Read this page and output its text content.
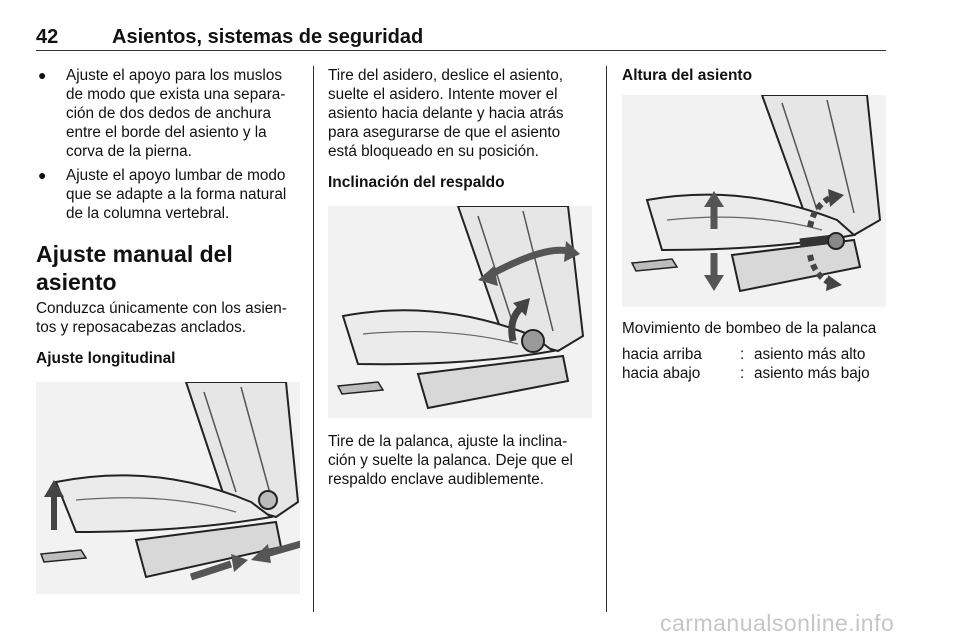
42	Asientos, sistemas de seguridad
● Ajuste el apoyo para los muslos de modo que exista una separa-ción de dos dedos de anchura entre el borde del asiento y la corva de la pierna.
● Ajuste el apoyo lumbar de modo que se adapte a la forma natural de la columna vertebral.

Ajuste manual del asiento

Conduzca únicamente con los asien-tos y reposacabezas anclados.

Ajuste longitudinal

Tire del asidero, deslice el asiento, suelte el asidero. Intente mover el asiento hacia delante y hacia atrás para asegurarse de que el asiento está bloqueado en su posición.

Inclinación del respaldo

Tire de la palanca, ajuste la inclina-ción y suelte la palanca. Deje que el respaldo enclave audiblemente.

Altura del asiento

Movimiento de bombeo de la palanca

hacia arriba	:	asiento más alto
hacia abajo	:	asiento más bajo
carmanualsonline.info
